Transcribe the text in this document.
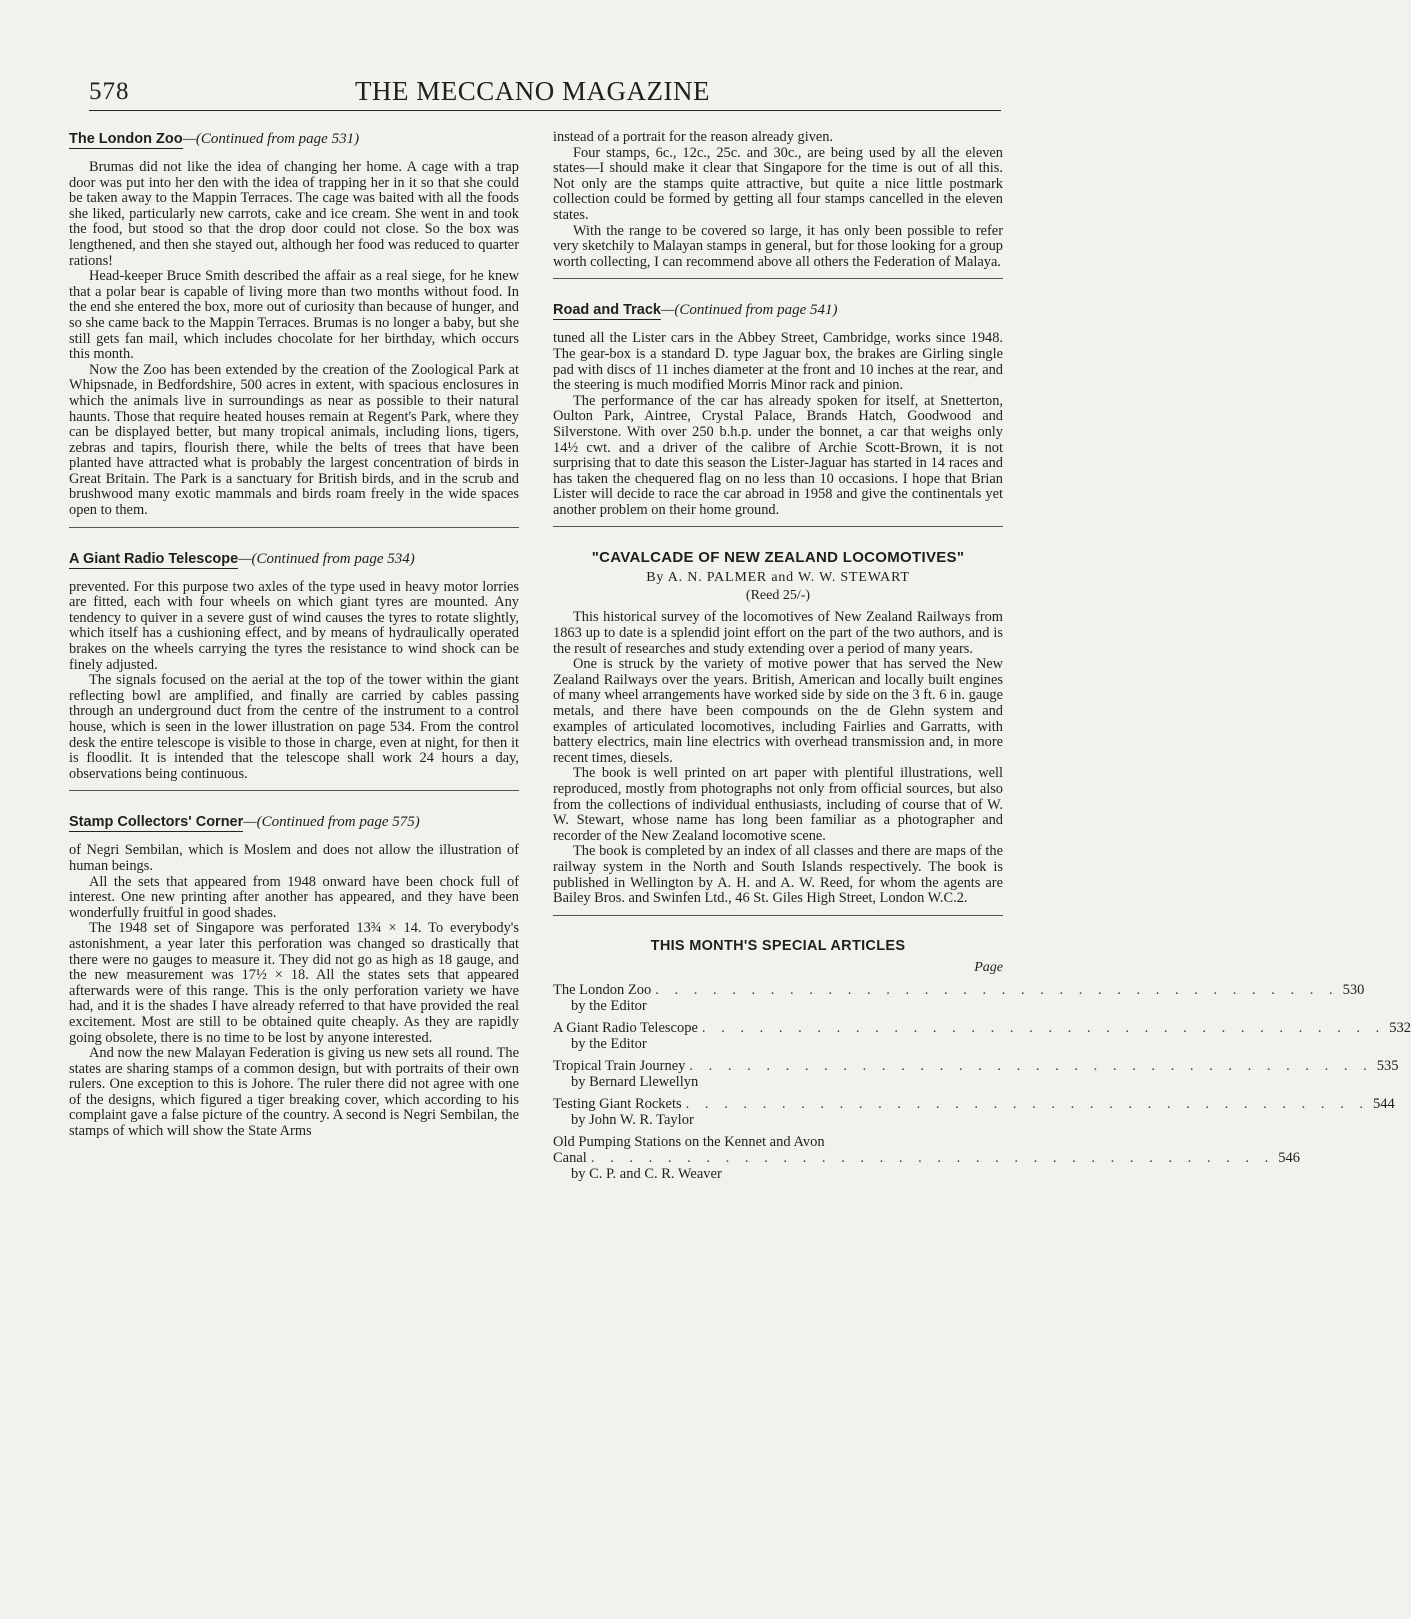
578	THE MECCANO MAGAZINE
The London Zoo—(Continued from page 531)

Brumas did not like the idea of changing her home. A cage with a trap door was put into her den with the idea of trapping her in it so that she could be taken away to the Mappin Terraces. The cage was baited with all the foods she liked, particularly new carrots, cake and ice cream. She went in and took the food, but stood so that the drop door could not close. So the box was lengthened, and then she stayed out, although her food was reduced to quarter rations!

Head-keeper Bruce Smith described the affair as a real siege, for he knew that a polar bear is capable of living more than two months without food. In the end she entered the box, more out of curiosity than because of hunger, and so she came back to the Mappin Terraces. Brumas is no longer a baby, but she still gets fan mail, which includes chocolate for her birthday, which occurs this month.

Now the Zoo has been extended by the creation of the Zoological Park at Whipsnade, in Bedfordshire, 500 acres in extent, with spacious enclosures in which the animals live in surroundings as near as possible to their natural haunts. Those that require heated houses remain at Regent's Park, where they can be displayed better, but many tropical animals, including lions, tigers, zebras and tapirs, flourish there, while the belts of trees that have been planted have attracted what is probably the largest concentration of birds in Great Britain. The Park is a sanctuary for British birds, and in the scrub and brushwood many exotic mammals and birds roam freely in the wide spaces open to them.

A Giant Radio Telescope—(Continued from page 534)

prevented. For this purpose two axles of the type used in heavy motor lorries are fitted, each with four wheels on which giant tyres are mounted. Any tendency to quiver in a severe gust of wind causes the tyres to rotate slightly, which itself has a cushioning effect, and by means of hydraulically operated brakes on the wheels carrying the tyres the resistance to wind shock can be finely adjusted.

The signals focused on the aerial at the top of the tower within the giant reflecting bowl are amplified, and finally are carried by cables passing through an underground duct from the centre of the instrument to a control house, which is seen in the lower illustration on page 534. From the control desk the entire telescope is visible to those in charge, even at night, for then it is floodlit. It is intended that the telescope shall work 24 hours a day, observations being continuous.

Stamp Collectors' Corner—(Continued from page 575)

of Negri Sembilan, which is Moslem and does not allow the illustration of human beings.

All the sets that appeared from 1948 onward have been chock full of interest. One new printing after another has appeared, and they have been wonderfully fruitful in good shades.

The 1948 set of Singapore was perforated 13¾ × 14. To everybody's astonishment, a year later this perforation was changed so drastically that there were no gauges to measure it. They did not go as high as 18 gauge, and the new measurement was 17½ × 18. All the states sets that appeared afterwards were of this range. This is the only perforation variety we have had, and it is the shades I have already referred to that have provided the real excitement. Most are still to be obtained quite cheaply. As they are rapidly going obsolete, there is no time to be lost by anyone interested.

And now the new Malayan Federation is giving us new sets all round. The states are sharing stamps of a common design, but with portraits of their own rulers. One exception to this is Johore. The ruler there did not agree with one of the designs, which figured a tiger breaking cover, which according to his complaint gave a false picture of the country. A second is Negri Sembilan, the stamps of which will show the State Arms

instead of a portrait for the reason already given.

Four stamps, 6c., 12c., 25c. and 30c., are being used by all the eleven states—I should make it clear that Singapore for the time is out of all this. Not only are the stamps quite attractive, but quite a nice little postmark collection could be formed by getting all four stamps cancelled in the eleven states.

With the range to be covered so large, it has only been possible to refer very sketchily to Malayan stamps in general, but for those looking for a group worth collecting, I can recommend above all others the Federation of Malaya.

Road and Track—(Continued from page 541)

tuned all the Lister cars in the Abbey Street, Cambridge, works since 1948. The gear-box is a standard D. type Jaguar box, the brakes are Girling single pad with discs of 11 inches diameter at the front and 10 inches at the rear, and the steering is much modified Morris Minor rack and pinion.

The performance of the car has already spoken for itself, at Snetterton, Oulton Park, Aintree, Crystal Palace, Brands Hatch, Goodwood and Silverstone. With over 250 b.h.p. under the bonnet, a car that weighs only 14½ cwt. and a driver of the calibre of Archie Scott-Brown, it is not surprising that to date this season the Lister-Jaguar has started in 14 races and has taken the chequered flag on no less than 10 occasions. I hope that Brian Lister will decide to race the car abroad in 1958 and give the continentals yet another problem on their home ground.

"CAVALCADE OF NEW ZEALAND LOCOMOTIVES"
By A. N. PALMER and W. W. STEWART
(Reed 25/-)

This historical survey of the locomotives of New Zealand Railways from 1863 up to date is a splendid joint effort on the part of the two authors, and is the result of researches and study extending over a period of many years.

One is struck by the variety of motive power that has served the New Zealand Railways over the years. British, American and locally built engines of many wheel arrangements have worked side by side on the 3 ft. 6 in. gauge metals, and there have been compounds on the de Glehn system and examples of articulated locomotives, including Fairlies and Garratts, with battery electrics, main line electrics with overhead transmission and, in more recent times, diesels.

The book is well printed on art paper with plentiful illustrations, well reproduced, mostly from photographs not only from official sources, but also from the collections of individual enthusiasts, including of course that of W. W. Stewart, whose name has long been familiar as a photographer and recorder of the New Zealand locomotive scene.

The book is completed by an index of all classes and there are maps of the railway system in the North and South Islands respectively. The book is published in Wellington by A. H. and A. W. Reed, for whom the agents are Bailey Bros. and Swinfen Ltd., 46 St. Giles High Street, London W.C.2.

THIS MONTH'S SPECIAL ARTICLES
Page
The London Zoo . . . . . . . . . . . . . . . . . . . . . . . . . . . . . . . . . . . . 530
by the Editor
A Giant Radio Telescope . . . . . . . . . . . . . . . . . . . . . . . . . . . . . . . . . . . . 532
by the Editor
Tropical Train Journey . . . . . . . . . . . . . . . . . . . . . . . . . . . . . . . . . . . . 535
by Bernard Llewellyn
Testing Giant Rockets . . . . . . . . . . . . . . . . . . . . . . . . . . . . . . . . . . . . 544
by John W. R. Taylor
Old Pumping Stations on the Kennet and Avon
Canal . . . . . . . . . . . . . . . . . . . . . . . . . . . . . . . . . . . . 546
by C. P. and C. R. Weaver
